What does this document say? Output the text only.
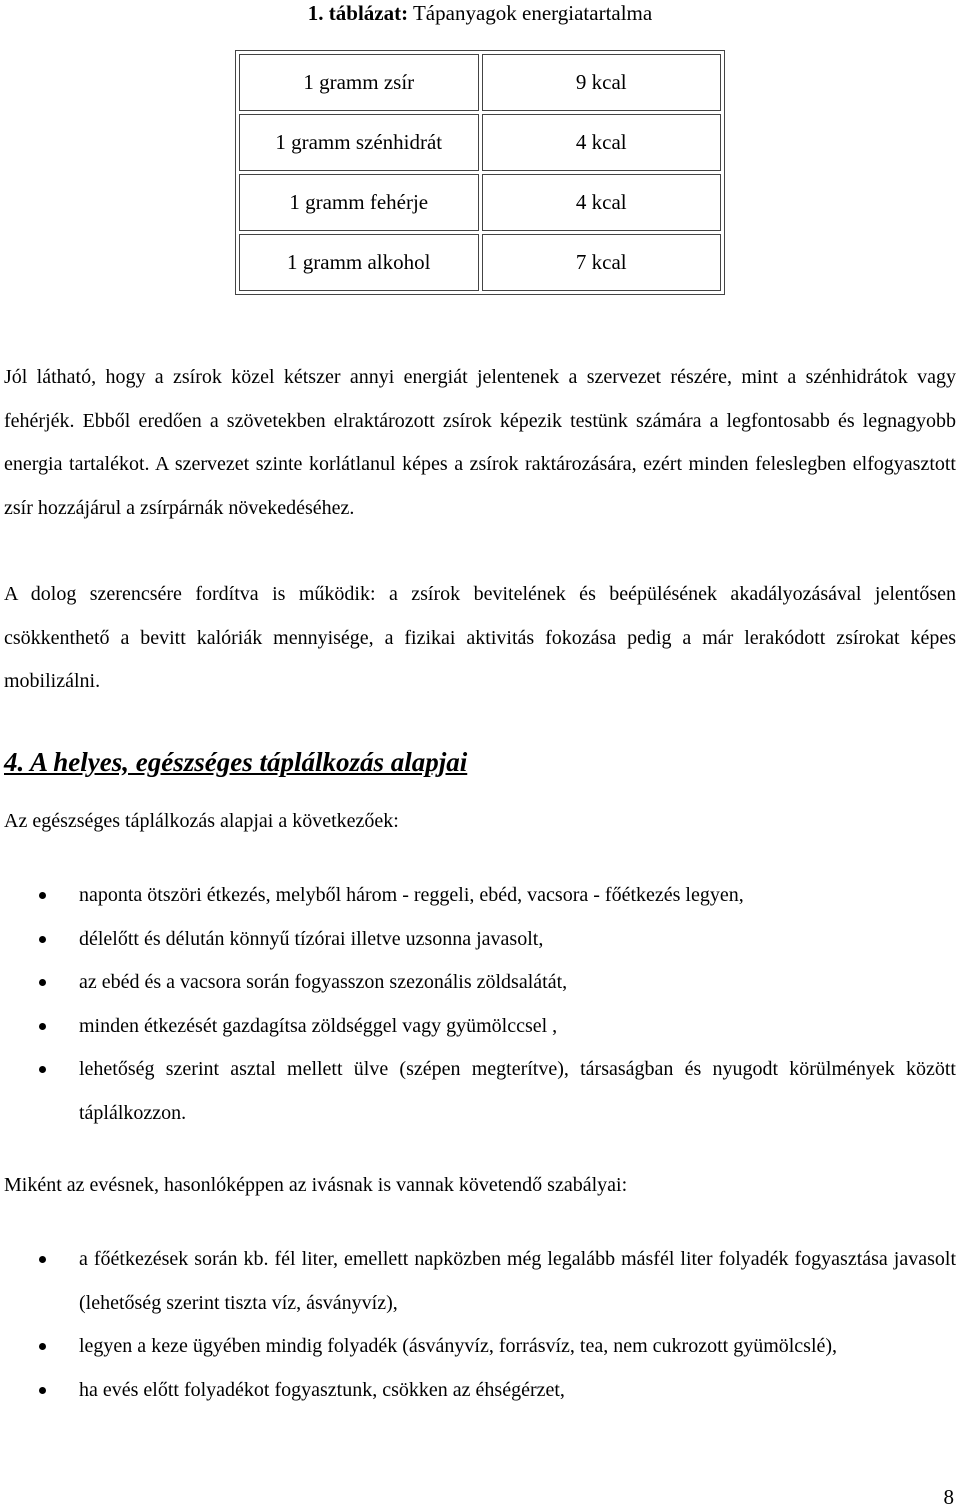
1. táblázat: Tápanyagok energiatartalma
1 gramm zsír	9 kcal
1 gramm szénhidrát	4 kcal
1 gramm fehérje	4 kcal
1 gramm alkohol	7 kcal

Jól látható, hogy a zsírok közel kétszer annyi energiát jelentenek a szervezet részére, mint a szénhidrátok vagy fehérjék. Ebből eredően a szövetekben elraktározott zsírok képezik testünk számára a legfontosabb és legnagyobb energia tartalékot. A szervezet szinte korlátlanul képes a zsírok raktározására, ezért minden feleslegben elfogyasztott zsír hozzájárul a zsírpárnák növekedéséhez.

A dolog szerencsére fordítva is működik: a zsírok bevitelének és beépülésének akadályozásával jelentősen csökkenthető a bevitt kalóriák mennyisége, a fizikai aktivitás fokozása pedig a már lerakódott zsírokat képes mobilizálni.

4. A helyes, egészséges táplálkozás alapjai

Az egészséges táplálkozás alapjai a következőek:

naponta ötszöri étkezés, melyből három - reggeli, ebéd, vacsora - főétkezés legyen,
délelőtt és délután könnyű tízórai illetve uzsonna javasolt,
az ebéd és a vacsora során fogyasszon szezonális zöldsalátát,
minden étkezését gazdagítsa zöldséggel vagy gyümölccsel ,
lehetőség szerint asztal mellett ülve (szépen megterítve), társaságban és nyugodt körülmények között táplálkozzon.

Miként az evésnek, hasonlóképpen az ivásnak is vannak követendő szabályai:

a főétkezések során kb. fél liter, emellett napközben még legalább másfél liter folyadék fogyasztása javasolt (lehetőség szerint tiszta víz, ásványvíz),
legyen a keze ügyében mindig folyadék (ásványvíz, forrásvíz, tea, nem cukrozott gyümölcslé),
ha evés előtt folyadékot fogyasztunk, csökken az éhségérzet,
8
